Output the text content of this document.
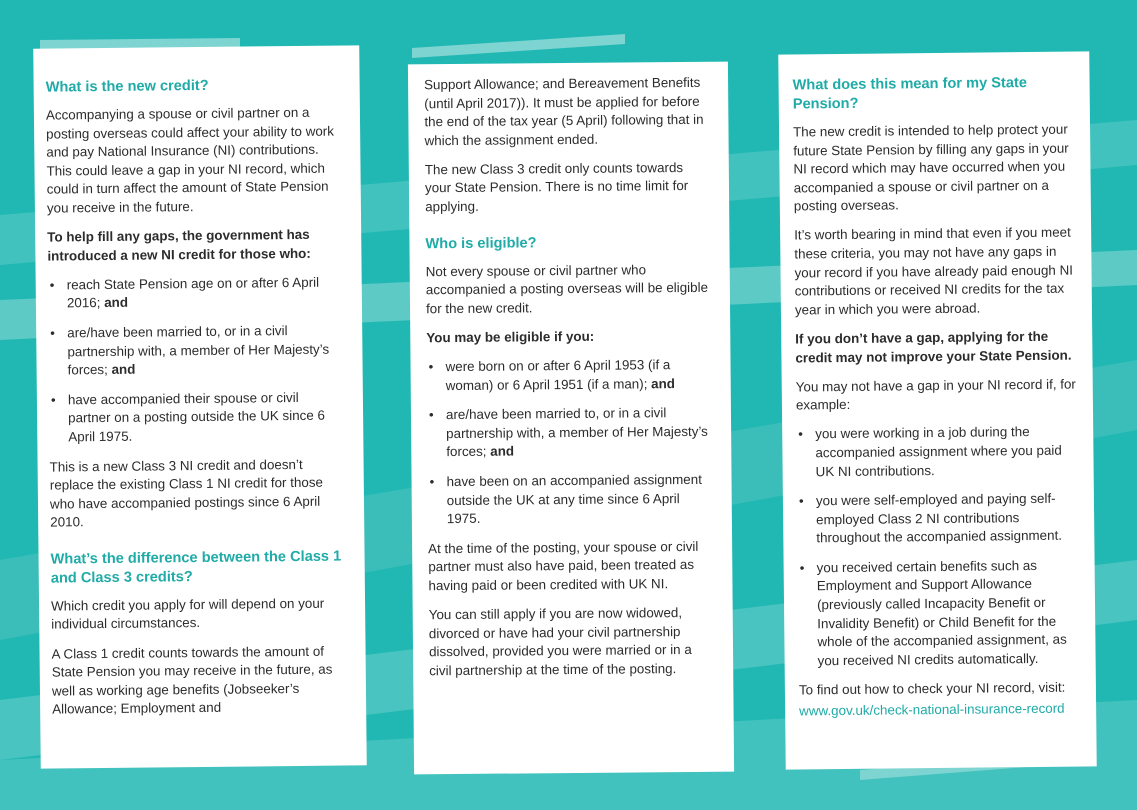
What is the new credit?

Accompanying a spouse or civil partner on a posting overseas could affect your ability to work and pay National Insurance (NI) contributions. This could leave a gap in your NI record, which could in turn affect the amount of State Pension you receive in the future.

To help fill any gaps, the government has introduced a new NI credit for those who:

• reach State Pension age on or after 6 April 2016; and
• are/have been married to, or in a civil partnership with, a member of Her Majesty’s forces; and
• have accompanied their spouse or civil partner on a posting outside the UK since 6 April 1975.

This is a new Class 3 NI credit and doesn’t replace the existing Class 1 NI credit for those who have accompanied postings since 6 April 2010.

What’s the difference between the Class 1 and Class 3 credits?

Which credit you apply for will depend on your individual circumstances.

A Class 1 credit counts towards the amount of State Pension you may receive in the future, as well as working age benefits (Jobseeker’s Allowance; Employment and

Support Allowance; and Bereavement Benefits (until April 2017)). It must be applied for before the end of the tax year (5 April) following that in which the assignment ended.

The new Class 3 credit only counts towards your State Pension. There is no time limit for applying.

Who is eligible?

Not every spouse or civil partner who accompanied a posting overseas will be eligible for the new credit.

You may be eligible if you:

• were born on or after 6 April 1953 (if a woman) or 6 April 1951 (if a man); and
• are/have been married to, or in a civil partnership with, a member of Her Majesty’s forces; and
• have been on an accompanied assignment outside the UK at any time since 6 April 1975.

At the time of the posting, your spouse or civil partner must also have paid, been treated as having paid or been credited with UK NI.

You can still apply if you are now widowed, divorced or have had your civil partnership dissolved, provided you were married or in a civil partnership at the time of the posting.

What does this mean for my State Pension?

The new credit is intended to help protect your future State Pension by filling any gaps in your NI record which may have occurred when you accompanied a spouse or civil partner on a posting overseas.

It’s worth bearing in mind that even if you meet these criteria, you may not have any gaps in your record if you have already paid enough NI contributions or received NI credits for the tax year in which you were abroad.

If you don’t have a gap, applying for the credit may not improve your State Pension.

You may not have a gap in your NI record if, for example:

• you were working in a job during the accompanied assignment where you paid UK NI contributions.
• you were self-employed and paying self-employed Class 2 NI contributions throughout the accompanied assignment.
• you received certain benefits such as Employment and Support Allowance (previously called Incapacity Benefit or Invalidity Benefit) or Child Benefit for the whole of the accompanied assignment, as you received NI credits automatically.

To find out how to check your NI record, visit:

www.gov.uk/check-national-insurance-record
